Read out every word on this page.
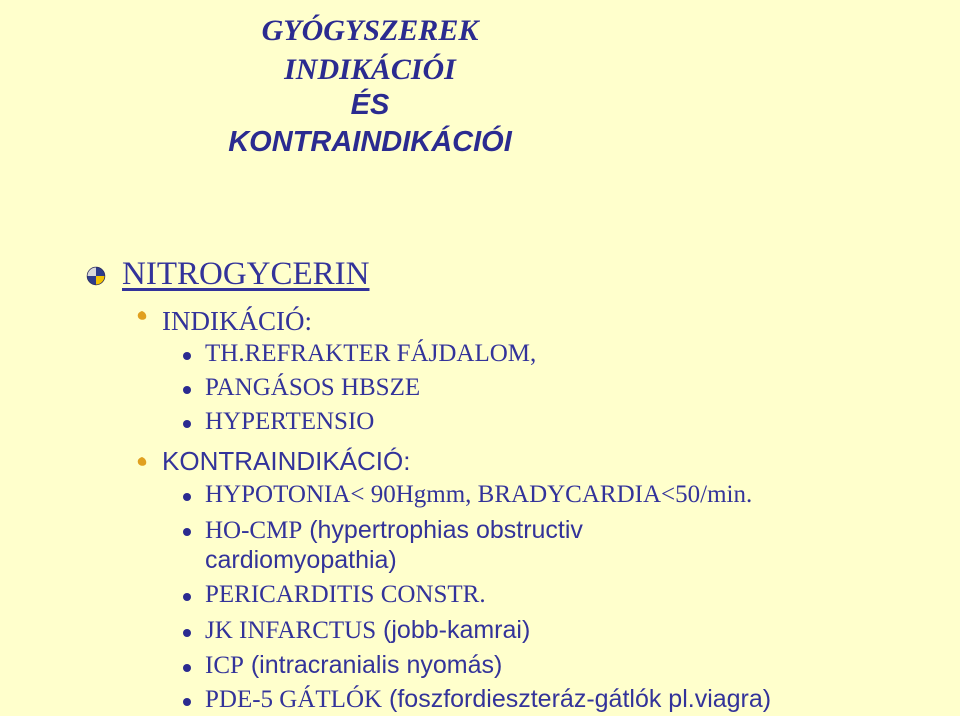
GYÓGYSZEREK
INDIKÁCIÓI
ÉS
KONTRAINDIKÁCIÓI
NITROGYCERIN
INDIKÁCIÓ:
TH.REFRAKTER FÁJDALOM,
PANGÁSOS HBSZE
HYPERTENSIO
KONTRAINDIKÁCIÓ:
HYPOTONIA< 90Hgmm, BRADYCARDIA<50/min.
HO-CMP (hypertrophias obstructiv
cardiomyopathia)
PERICARDITIS CONSTR.
JK INFARCTUS (jobb-kamrai)
ICP (intracranialis nyomás)
PDE-5 GÁTLÓK (foszfordieszteráz-gátlók pl.viagra)
